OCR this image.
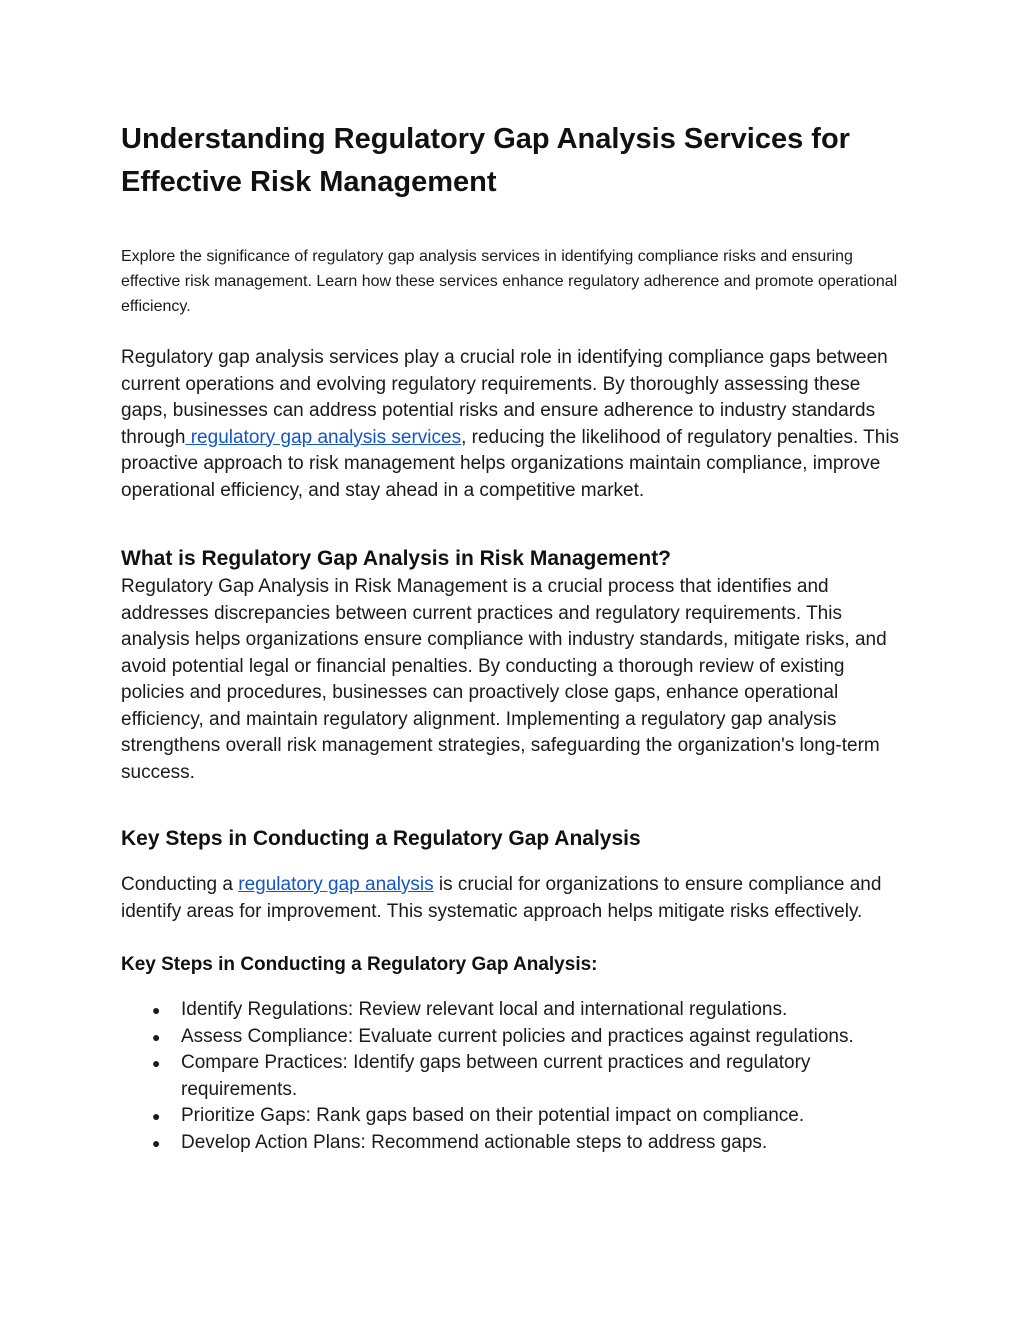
Understanding Regulatory Gap Analysis Services for Effective Risk Management

Explore the significance of regulatory gap analysis services in identifying compliance risks and ensuring effective risk management. Learn how these services enhance regulatory adherence and promote operational efficiency.

Regulatory gap analysis services play a crucial role in identifying compliance gaps between current operations and evolving regulatory requirements. By thoroughly assessing these gaps, businesses can address potential risks and ensure adherence to industry standards through regulatory gap analysis services, reducing the likelihood of regulatory penalties. This proactive approach to risk management helps organizations maintain compliance, improve operational efficiency, and stay ahead in a competitive market.

What is Regulatory Gap Analysis in Risk Management?

Regulatory Gap Analysis in Risk Management is a crucial process that identifies and addresses discrepancies between current practices and regulatory requirements. This analysis helps organizations ensure compliance with industry standards, mitigate risks, and avoid potential legal or financial penalties. By conducting a thorough review of existing policies and procedures, businesses can proactively close gaps, enhance operational efficiency, and maintain regulatory alignment. Implementing a regulatory gap analysis strengthens overall risk management strategies, safeguarding the organization's long-term success.

Key Steps in Conducting a Regulatory Gap Analysis

Conducting a regulatory gap analysis is crucial for organizations to ensure compliance and identify areas for improvement. This systematic approach helps mitigate risks effectively.

Key Steps in Conducting a Regulatory Gap Analysis:
● Identify Regulations: Review relevant local and international regulations.
● Assess Compliance: Evaluate current policies and practices against regulations.
● Compare Practices: Identify gaps between current practices and regulatory requirements.
● Prioritize Gaps: Rank gaps based on their potential impact on compliance.
● Develop Action Plans: Recommend actionable steps to address gaps.
